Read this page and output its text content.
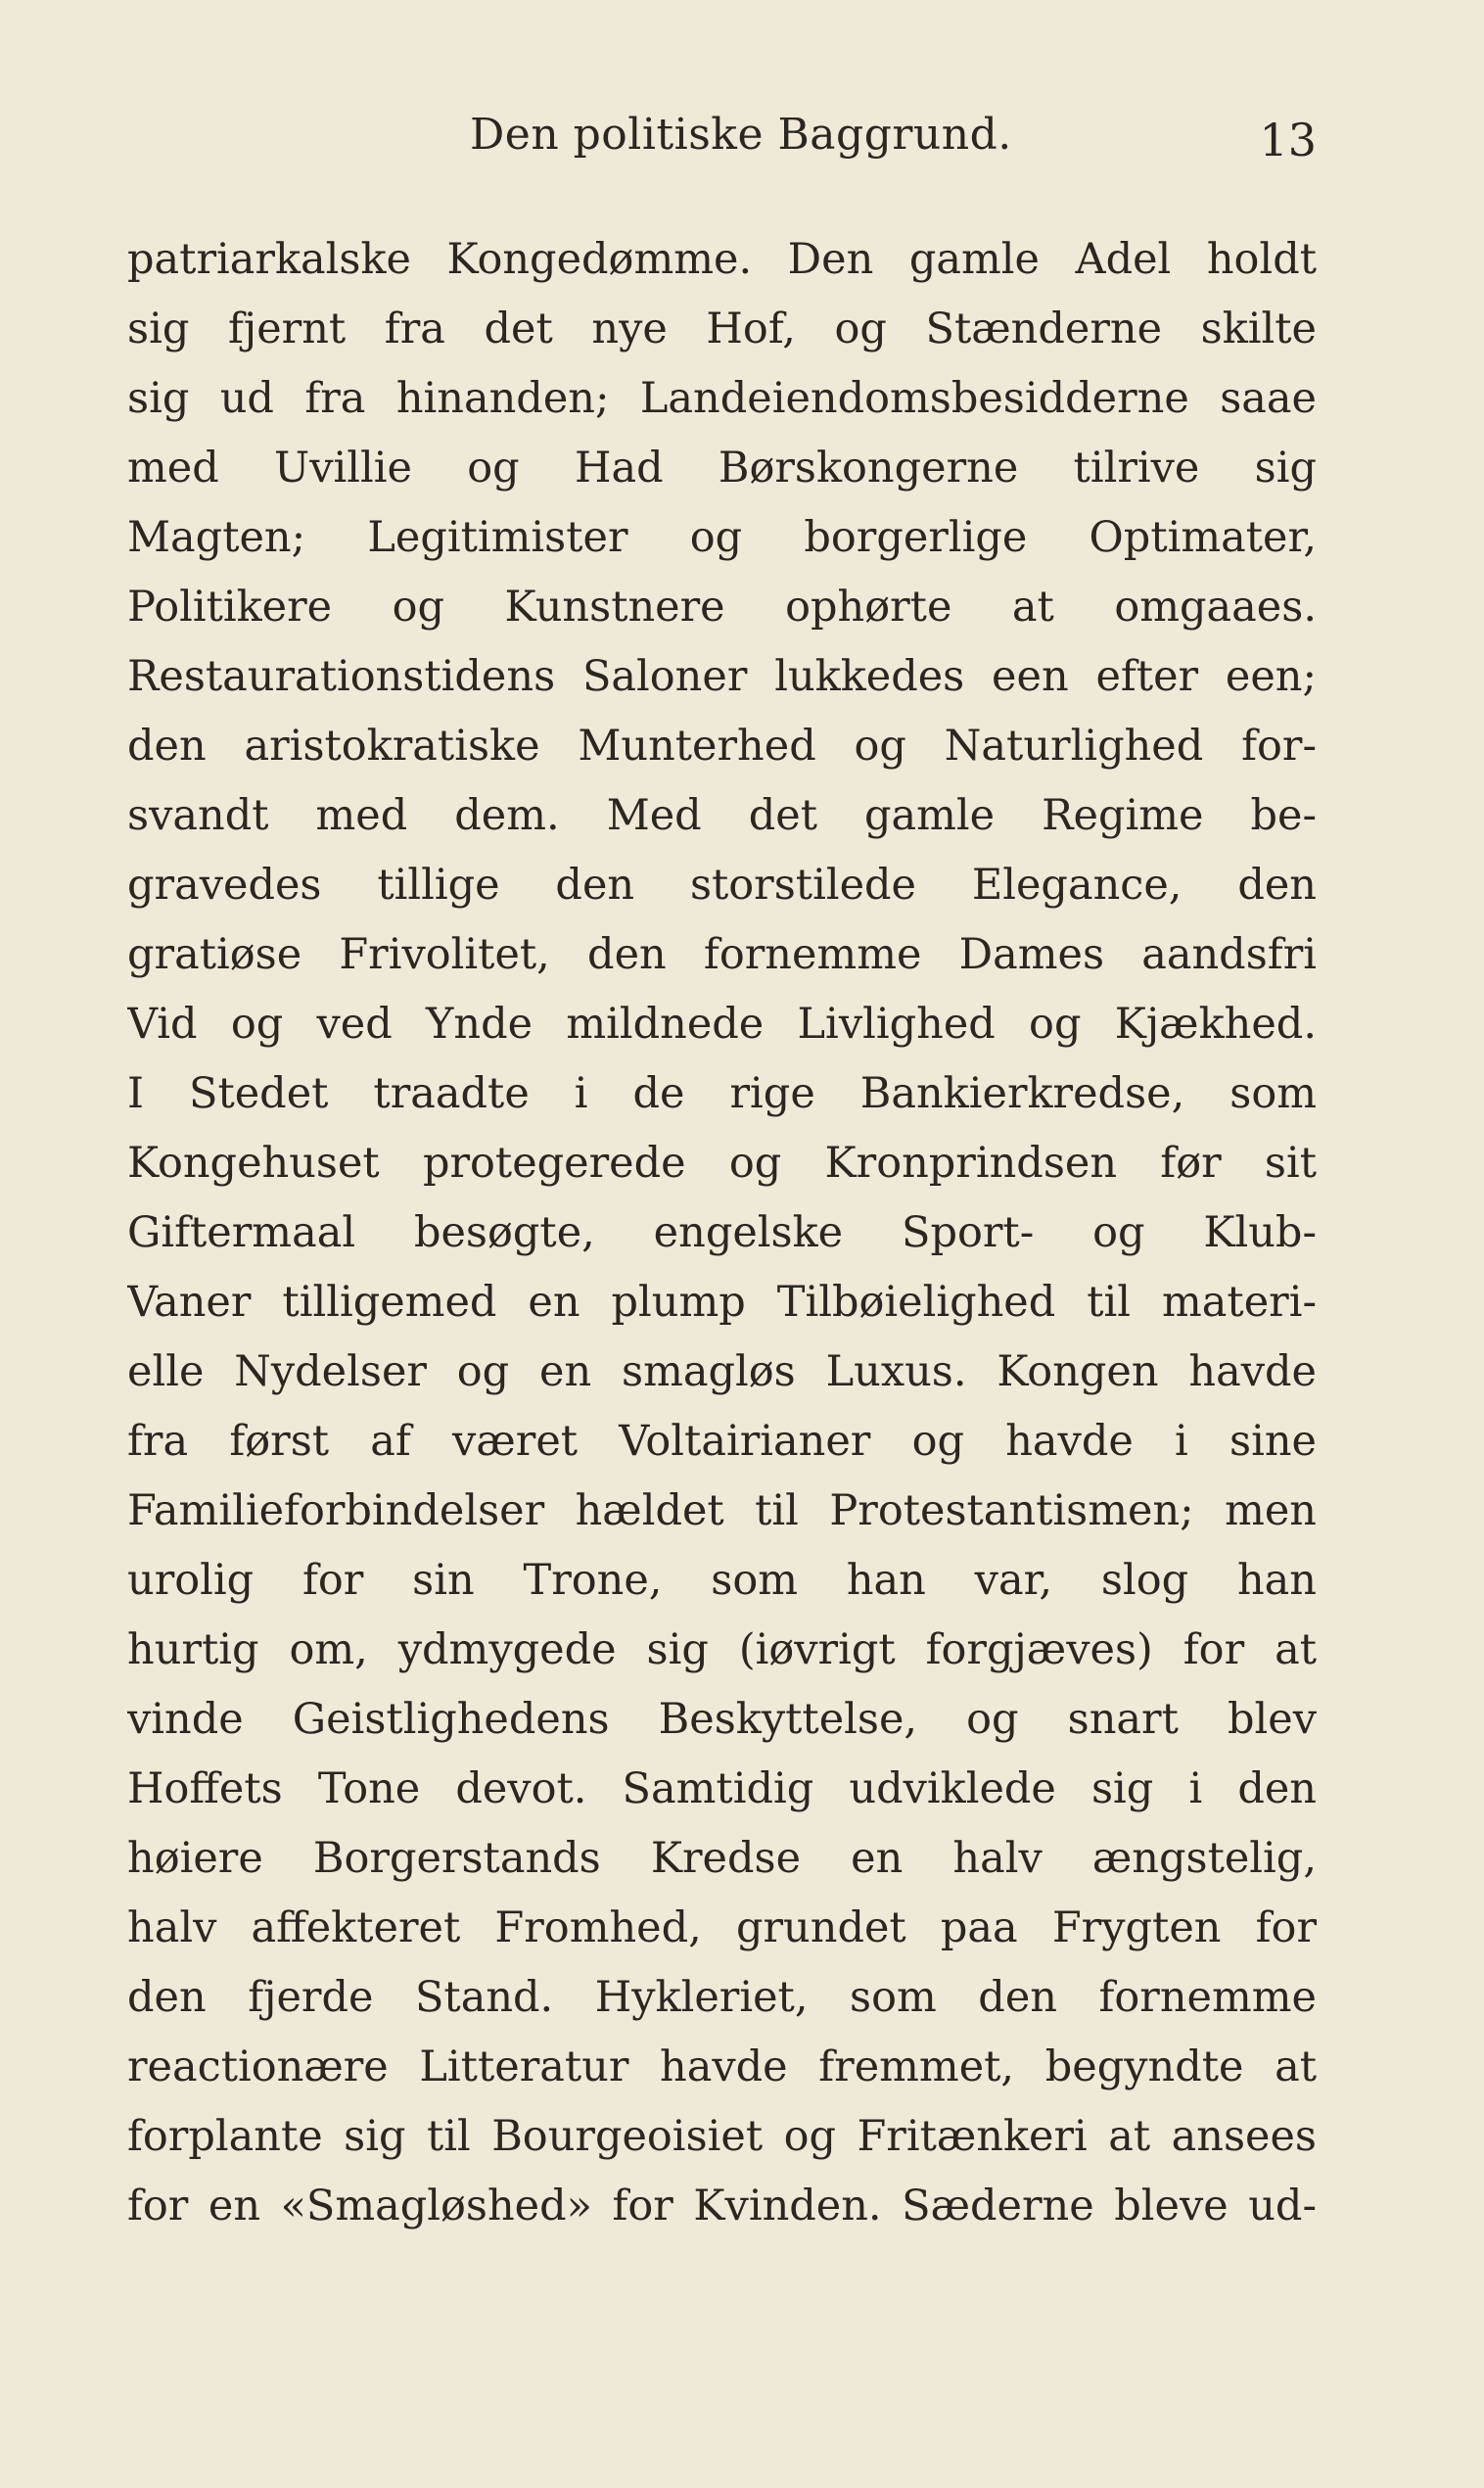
Den politiske Baggrund.	13
patriarkalske Kongedømme. Den gamle Adel holdt
sig fjernt fra det nye Hof, og Stænderne skilte
sig ud fra hinanden; Landeiendomsbesidderne saae
med Uvillie og Had Børskongerne tilrive sig
Magten; Legitimister og borgerlige Optimater,
Politikere og Kunstnere ophørte at omgaaes.
Restaurationstidens Saloner lukkedes een efter een;
den aristokratiske Munterhed og Naturlighed for-
svandt med dem. Med det gamle Regime be-
gravedes tillige den storstilede Elegance, den
gratiøse Frivolitet, den fornemme Dames aandsfri
Vid og ved Ynde mildnede Livlighed og Kjækhed.
I Stedet traadte i de rige Bankierkredse, som
Kongehuset protegerede og Kronprindsen før sit
Giftermaal besøgte, engelske Sport- og Klub-
Vaner tilligemed en plump Tilbøielighed til materi-
elle Nydelser og en smagløs Luxus. Kongen havde
fra først af været Voltairianer og havde i sine
Familieforbindelser hældet til Protestantismen; men
urolig for sin Trone, som han var, slog han
hurtig om, ydmygede sig (iøvrigt forgjæves) for at
vinde Geistlighedens Beskyttelse, og snart blev
Hoffets Tone devot. Samtidig udviklede sig i den
høiere Borgerstands Kredse en halv ængstelig,
halv affekteret Fromhed, grundet paa Frygten for
den fjerde Stand. Hykleriet, som den fornemme
reactionære Litteratur havde fremmet, begyndte at
forplante sig til Bourgeoisiet og Fritænkeri at ansees
for en «Smagløshed» for Kvinden. Sæderne bleve ud-
